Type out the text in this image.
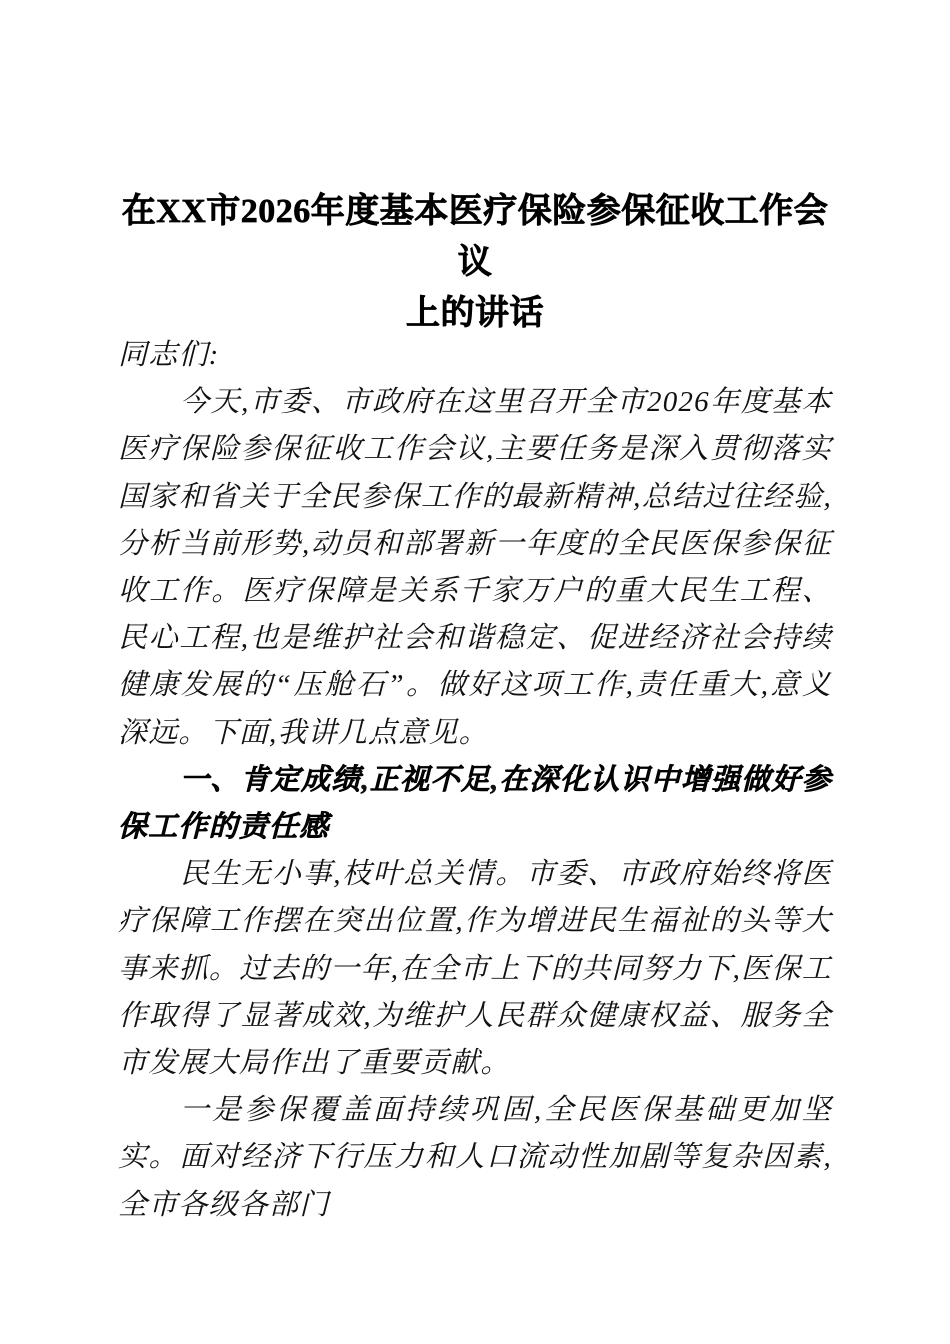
在XX市2026年度基本医疗保险参保征收工作会议
上的讲话

同志们:

今天,市委、市政府在这里召开全市2026年度基本医疗保险参保征收工作会议,主要任务是深入贯彻落实国家和省关于全民参保工作的最新精神,总结过往经验,分析当前形势,动员和部署新一年度的全民医保参保征收工作。医疗保障是关系千家万户的重大民生工程、民心工程,也是维护社会和谐稳定、促进经济社会持续健康发展的“压舱石”。做好这项工作,责任重大,意义深远。下面,我讲几点意见。

一、肯定成绩,正视不足,在深化认识中增强做好参保工作的责任感

民生无小事,枝叶总关情。市委、市政府始终将医疗保障工作摆在突出位置,作为增进民生福祉的头等大事来抓。过去的一年,在全市上下的共同努力下,医保工作取得了显著成效,为维护人民群众健康权益、服务全市发展大局作出了重要贡献。

一是参保覆盖面持续巩固,全民医保基础更加坚实。面对经济下行压力和人口流动性加剧等复杂因素,全市各级各部门
